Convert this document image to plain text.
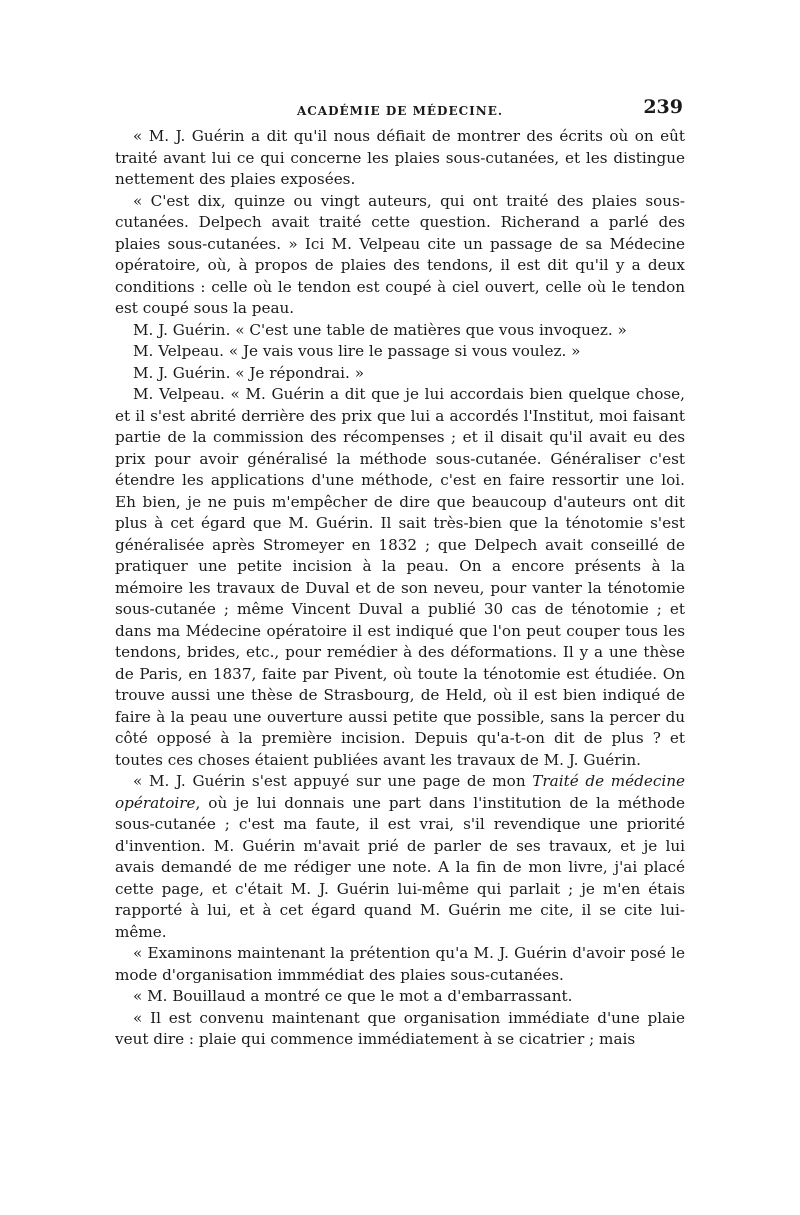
ACADÉMIE DE MÉDECINE.	239

« M. J. Guérin a dit qu'il nous défiait de montrer des écrits où on eût traité avant lui ce qui concerne les plaies sous-cutanées, et les distingue nettement des plaies exposées.

« C'est dix, quinze ou vingt auteurs, qui ont traité des plaies sous-cutanées. Delpech avait traité cette question. Richerand a parlé des plaies sous-cutanées. » Ici M. Velpeau cite un passage de sa Médecine opératoire, où, à propos de plaies des tendons, il est dit qu'il y a deux conditions : celle où le tendon est coupé à ciel ouvert, celle où le tendon est coupé sous la peau.

M. J. Guérin. « C'est une table de matières que vous invoquez. »

M. Velpeau. « Je vais vous lire le passage si vous voulez. »

M. J. Guérin. « Je répondrai. »

M. Velpeau. « M. Guérin a dit que je lui accordais bien quelque chose, et il s'est abrité derrière des prix que lui a accordés l'Institut, moi faisant partie de la commission des récompenses ; et il disait qu'il avait eu des prix pour avoir généralisé la méthode sous-cutanée. Généraliser c'est étendre les applications d'une méthode, c'est en faire ressortir une loi. Eh bien, je ne puis m'empêcher de dire que beaucoup d'auteurs ont dit plus à cet égard que M. Guérin. Il sait très-bien que la ténotomie s'est généralisée après Stromeyer en 1832 ; que Delpech avait conseillé de pratiquer une petite incision à la peau. On a encore présents à la mémoire les travaux de Duval et de son neveu, pour vanter la ténotomie sous-cutanée ; même Vincent Duval a publié 30 cas de ténotomie ; et dans ma Médecine opératoire il est indiqué que l'on peut couper tous les tendons, brides, etc., pour remédier à des déformations. Il y a une thèse de Paris, en 1837, faite par Pivent, où toute la ténotomie est étudiée. On trouve aussi une thèse de Strasbourg, de Held, où il est bien indiqué de faire à la peau une ouverture aussi petite que possible, sans la percer du côté opposé à la première incision. Depuis qu'a-t-on dit de plus ? et toutes ces choses étaient publiées avant les travaux de M. J. Guérin.

« M. J. Guérin s'est appuyé sur une page de mon Traité de médecine opératoire, où je lui donnais une part dans l'institution de la méthode sous-cutanée ; c'est ma faute, il est vrai, s'il revendique une priorité d'invention. M. Guérin m'avait prié de parler de ses travaux, et je lui avais demandé de me rédiger une note. A la fin de mon livre, j'ai placé cette page, et c'était M. J. Guérin lui-même qui parlait ; je m'en étais rapporté à lui, et à cet égard quand M. Guérin me cite, il se cite lui-même.

« Examinons maintenant la prétention qu'a M. J. Guérin d'avoir posé le mode d'organisation immmédiat des plaies sous-cutanées.

« M. Bouillaud a montré ce que le mot a d'embarrassant.

« Il est convenu maintenant que organisation immédiate d'une plaie veut dire : plaie qui commence immédiatement à se cicatrier ; mais
